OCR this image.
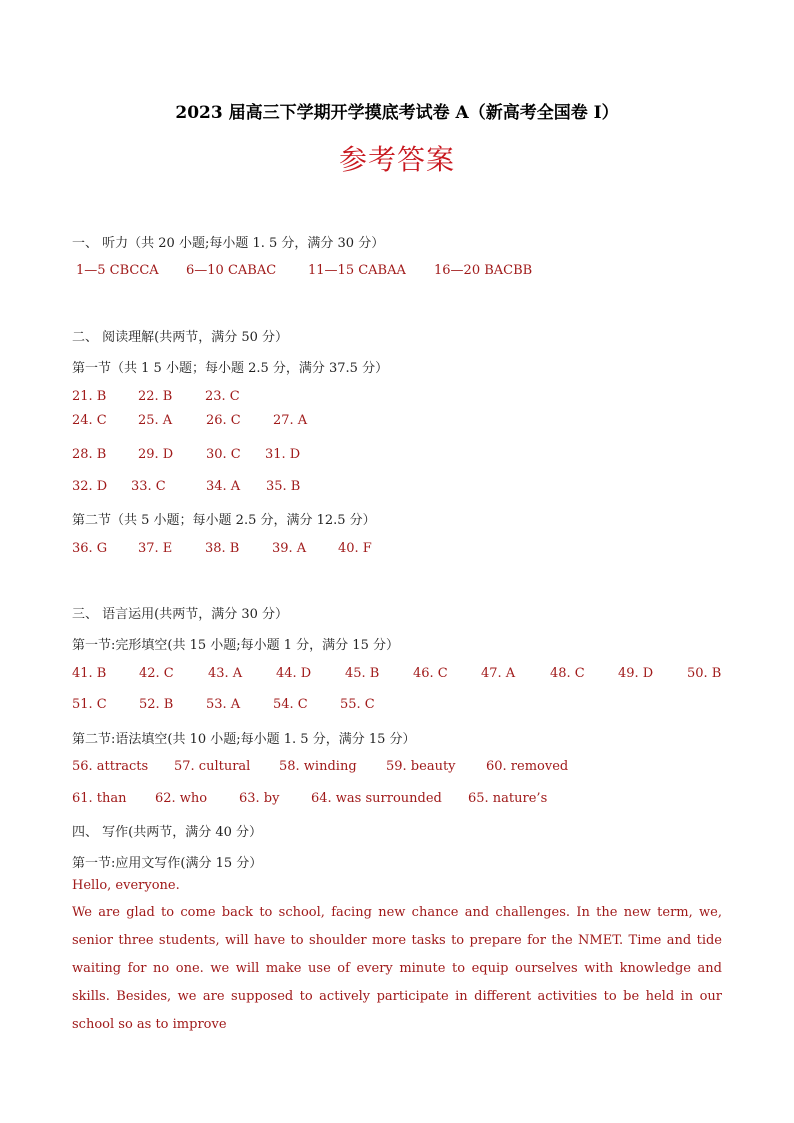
2023 届高三下学期开学摸底考试卷 A（新高考全国卷 I）
参考答案
一、 听力（共 20 小题;每小题 1. 5 分，满分 30 分）
1—5 CBCCA 6—10 CABAC 11—15 CABAA 16—20 BACBB
二、 阅读理解(共两节，满分 50 分）
第一节（共 1 5 小题；每小题 2.5 分，满分 37.5 分）
21. B 22. B	23. C
24. C 25. A	26. C 27. A
28. B 29. D	30. C 31. D
32. D 33. C	34. A 35. B
第二节（共 5 小题；每小题 2.5 分，满分 12.5 分）
36. G 37. E	38. B	39. A 40. F
三、 语言运用(共两节，满分 30 分）
第一节:完形填空(共 15 小题;每小题 1 分，满分 15 分）
41. B	42. C	43. A	44. D	45. B	46. C	47. A	48. C	49. D	50. B
51. C 52. B	53. A	54. C 55. C
第二节:语法填空(共 10 小题;每小题 1. 5 分，满分 15 分）
56. attracts 57. cultural 58. winding 59. beauty 60. removed
61. than 62. who 63. by 64. was surrounded 65. nature’s
四、 写作(共两节，满分 40 分）
第一节:应用文写作(满分 15 分）
Hello, everyone.
We are glad to come back to school, facing new chance and challenges. In the new term, we, senior three students, will have to shoulder more tasks to prepare for the NMET. Time and tide waiting for no one. we will make use of every minute to equip ourselves with knowledge and skills. Besides, we are supposed to actively participate in different activities to be held in our school so as to improve
